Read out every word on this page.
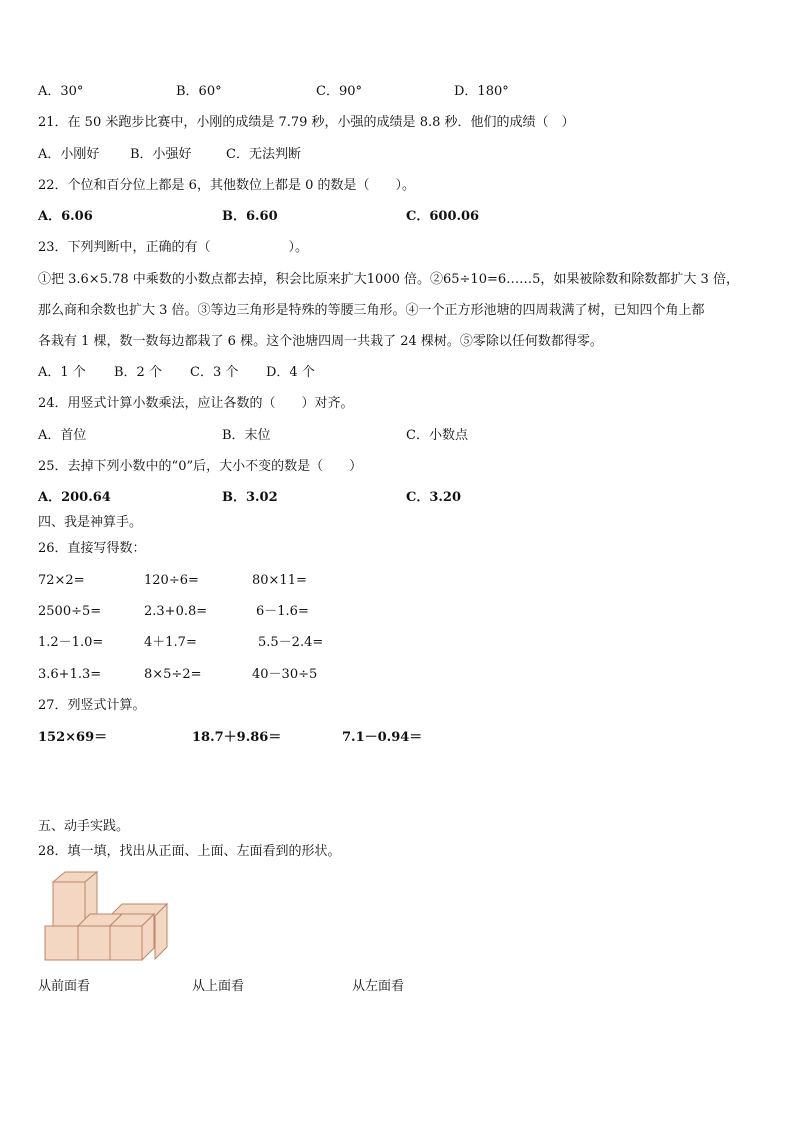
A．30°	B．60°	C．90°	D．180°
21．在 50 米跑步比赛中，小刚的成绩是 7.79 秒，小强的成绩是 8.8 秒．他们的成绩（　）
A．小刚好 B．小强好	C．无法判断
22．个位和百分位上都是 6，其他数位上都是 0 的数是（　　）。
A．6.06	B．6.60	C．600.06
23．下列判断中，正确的有（　　　　　　）。
①把 3.6×5.78 中乘数的小数点都去掉，积会比原来扩大1000 倍。②65÷10=6……5，如果被除数和除数都扩大 3 倍，
那么商和余数也扩大 3 倍。③等边三角形是特殊的等腰三角形。④一个正方形池塘的四周栽满了树，已知四个角上都
各栽有 1 棵，数一数每边都栽了 6 棵。这个池塘四周一共栽了 24 棵树。⑤零除以任何数都得零。
A．1 个 B．2 个 C．3 个 D．4 个
24．用竖式计算小数乘法，应让各数的（　　）对齐。
A．首位	B．末位	C．小数点
25．去掉下列小数中的“0”后，大小不变的数是（　　）
A．200.64	B．3.02	C．3.20
四、我是神算手。
26．直接写得数：
72×2=	120÷6=	80×11=
2500÷5=	2.3+0.8=	6－1.6=
1.2－1.0=	4＋1.7=	5.5－2.4=
3.6+1.3=	8×5÷2=	40－30÷5
27．列竖式计算。
152×69＝	18.7＋9.86＝	7.1－0.94＝
五、动手实践。
28．填一填，找出从正面、上面、左面看到的形状。
从前面看	从上面看	从左面看
